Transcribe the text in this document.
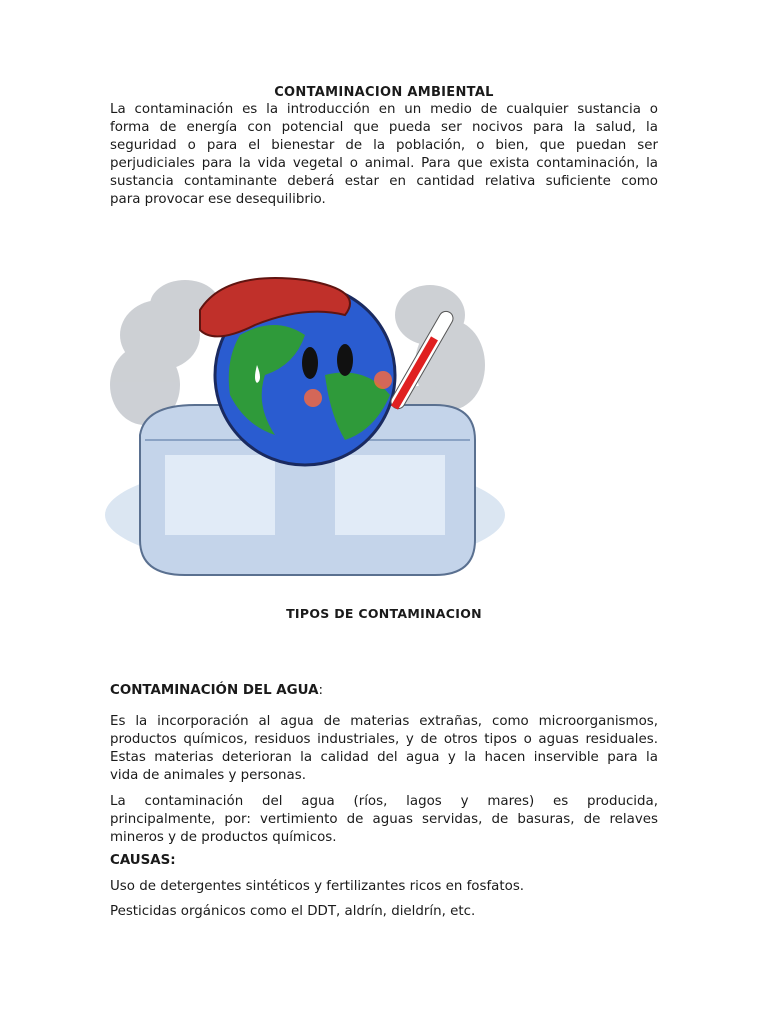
CONTAMINACION AMBIENTAL
La contaminación es la introducción en un medio de cualquier sustancia o
forma de energía con potencial que pueda ser nocivos para la salud, la
seguridad o para el bienestar de la población, o bien, que puedan ser
perjudiciales para la vida vegetal o animal. Para que exista contaminación, la
sustancia contaminante deberá estar en cantidad relativa suficiente como
para provocar ese desequilibrio.
TIPOS DE CONTAMINACION
CONTAMINACIÓN DEL AGUA:
Es la incorporación al agua de materias extrañas, como microorganismos,
productos químicos, residuos industriales, y de otros tipos o aguas residuales.
Estas materias deterioran la calidad del agua y la hacen inservible para la
vida de animales y personas.
La contaminación del agua (ríos, lagos y mares) es producida,
principalmente, por: vertimiento de aguas servidas, de basuras, de relaves
mineros y de productos químicos.
CAUSAS:
Uso de detergentes sintéticos y fertilizantes ricos en fosfatos.
Pesticidas orgánicos como el DDT, aldrín, dieldrín, etc.
